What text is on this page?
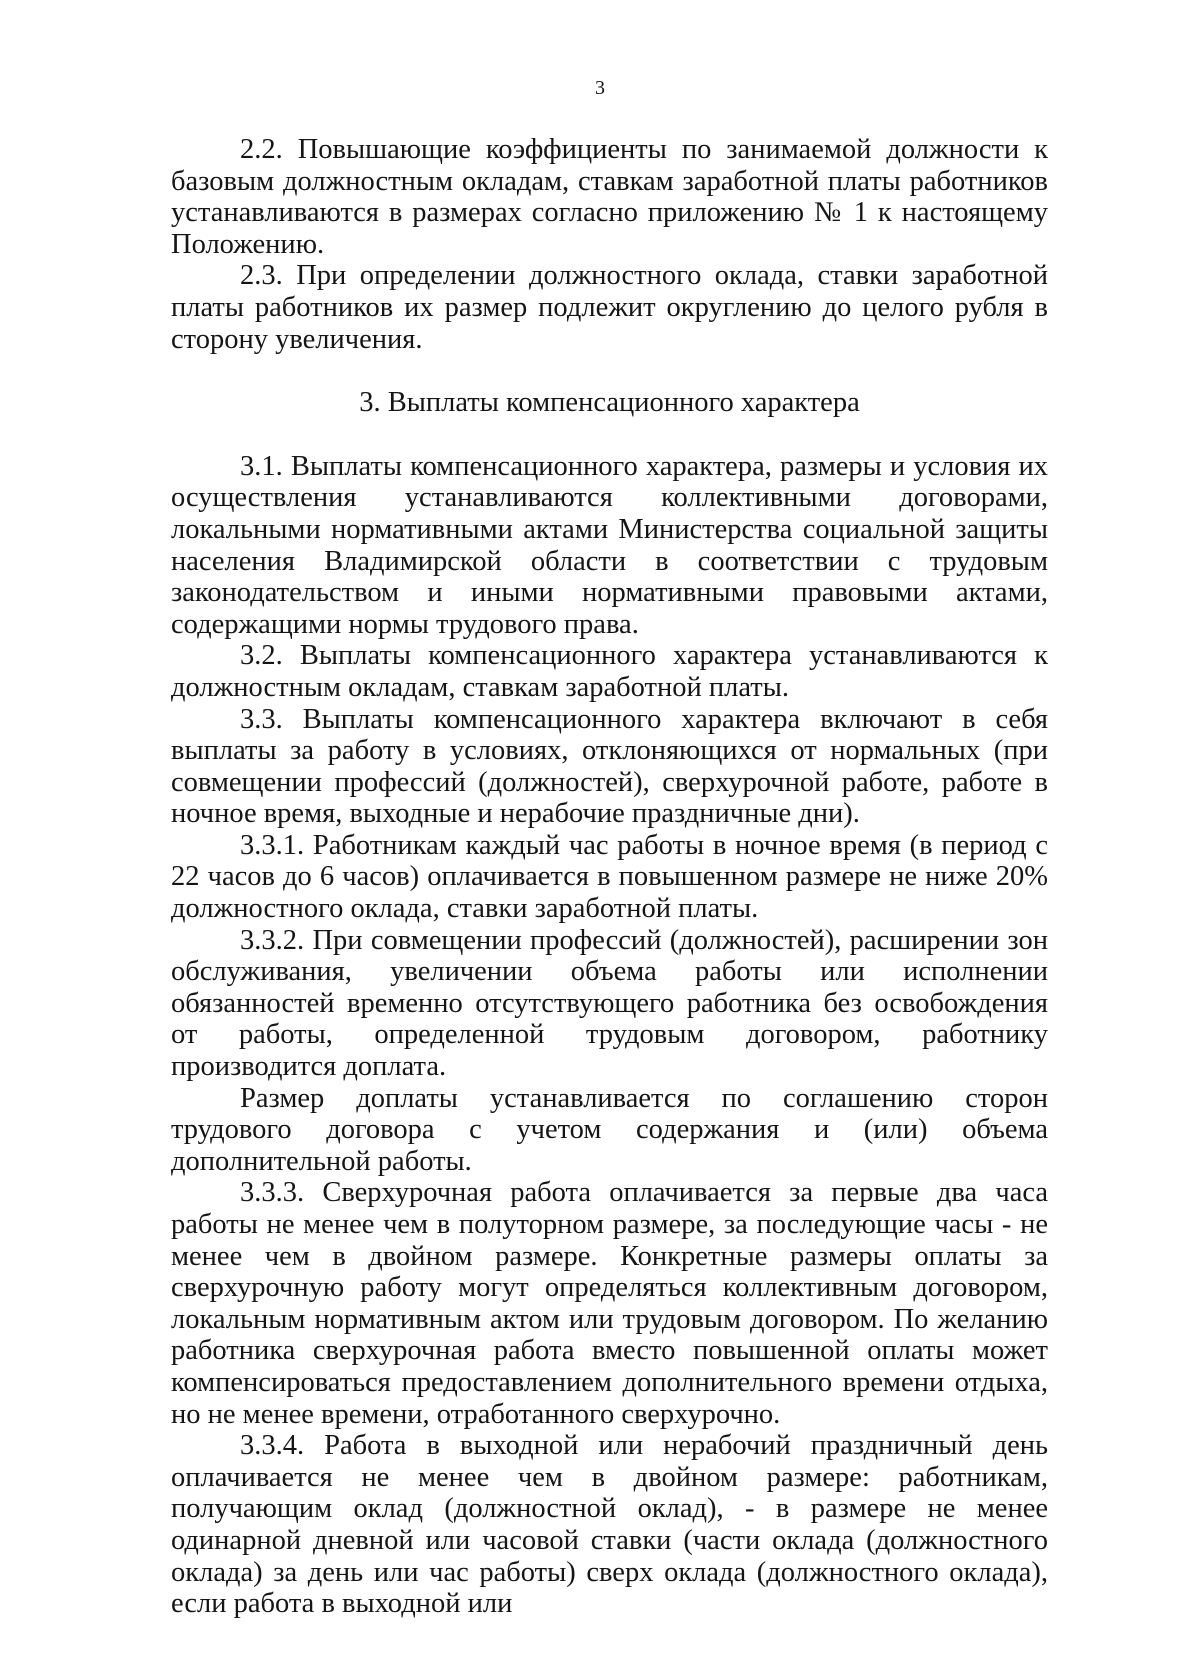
3

2.2. Повышающие коэффициенты по занимаемой должности к базовым должностным окладам, ставкам заработной платы работников устанавливаются в размерах согласно приложению № 1 к настоящему Положению.

2.3. При определении должностного оклада, ставки заработной платы работников их размер подлежит округлению до целого рубля в сторону увеличения.

3. Выплаты компенсационного характера

3.1. Выплаты компенсационного характера, размеры и условия их осуществления устанавливаются коллективными договорами, локальными нормативными актами Министерства социальной защиты населения Владимирской области в соответствии с трудовым законодательством и иными нормативными правовыми актами, содержащими нормы трудового права.

3.2. Выплаты компенсационного характера устанавливаются к должностным окладам, ставкам заработной платы.

3.3. Выплаты компенсационного характера включают в себя выплаты за работу в условиях, отклоняющихся от нормальных (при совмещении профессий (должностей), сверхурочной работе, работе в ночное время, выходные и нерабочие праздничные дни).

3.3.1. Работникам каждый час работы в ночное время (в период с 22 часов до 6 часов) оплачивается в повышенном размере не ниже 20% должностного оклада, ставки заработной платы.

3.3.2. При совмещении профессий (должностей), расширении зон обслуживания, увеличении объема работы или исполнении обязанностей временно отсутствующего работника без освобождения от работы, определенной трудовым договором, работнику производится доплата.

Размер доплаты устанавливается по соглашению сторон трудового договора с учетом содержания и (или) объема дополнительной работы.

3.3.3. Сверхурочная работа оплачивается за первые два часа работы не менее чем в полуторном размере, за последующие часы - не менее чем в двойном размере. Конкретные размеры оплаты за сверхурочную работу могут определяться коллективным договором, локальным нормативным актом или трудовым договором. По желанию работника сверхурочная работа вместо повышенной оплаты может компенсироваться предоставлением дополнительного времени отдыха, но не менее времени, отработанного сверхурочно.

3.3.4. Работа в выходной или нерабочий праздничный день оплачивается не менее чем в двойном размере: работникам, получающим оклад (должностной оклад), - в размере не менее одинарной дневной или часовой ставки (части оклада (должностного оклада) за день или час работы) сверх оклада (должностного оклада), если работа в выходной или
